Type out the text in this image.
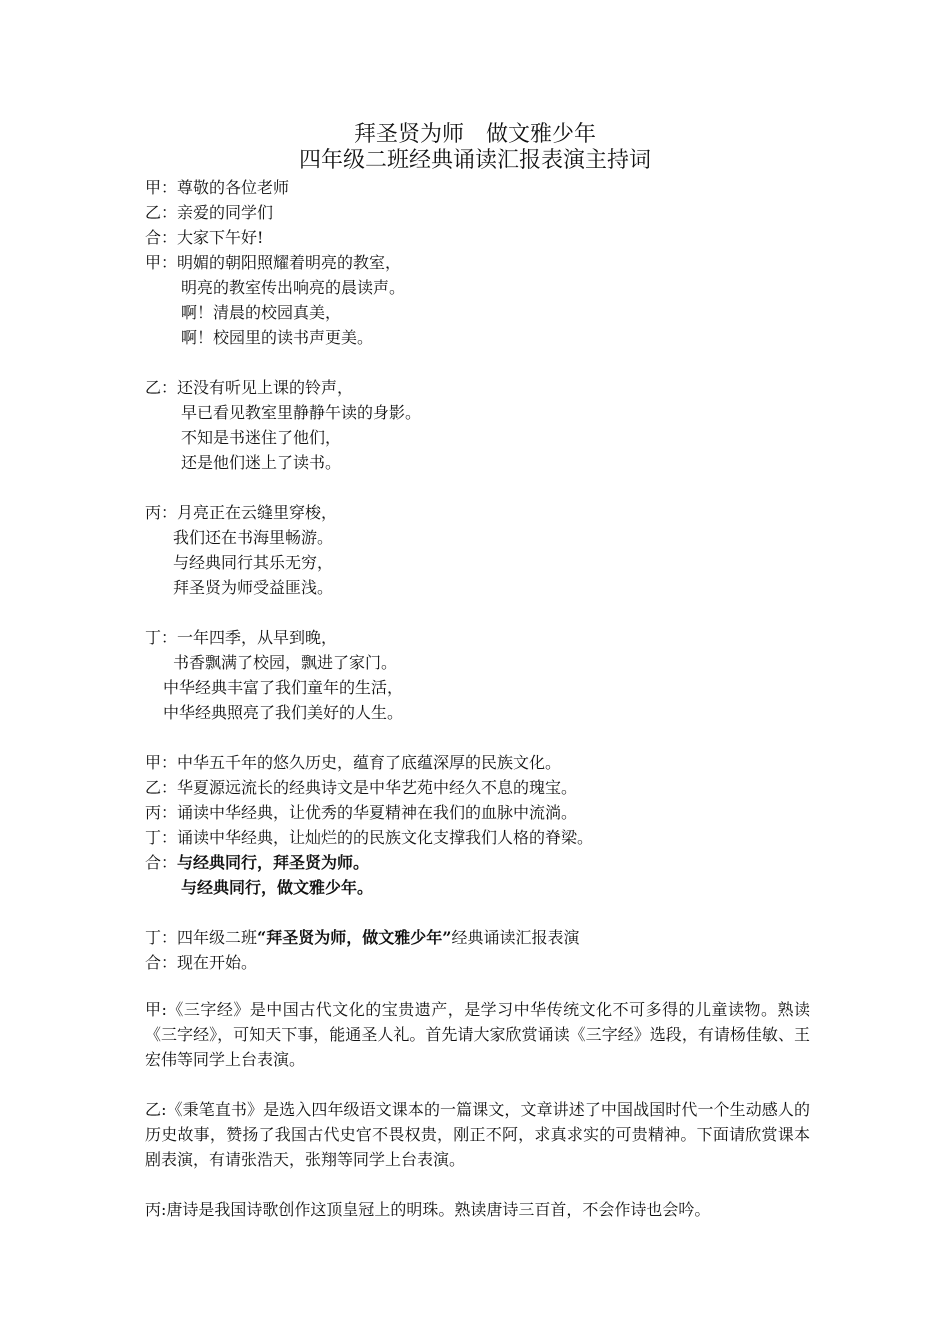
拜圣贤为师　做文雅少年
四年级二班经典诵读汇报表演主持词
甲：尊敬的各位老师
乙：亲爱的同学们
合：大家下午好!
甲：明媚的朝阳照耀着明亮的教室，
明亮的教室传出响亮的晨读声。
啊！清晨的校园真美，
啊！校园里的读书声更美。
乙：还没有听见上课的铃声，
早已看见教室里静静午读的身影。
不知是书迷住了他们，
还是他们迷上了读书。
丙：月亮正在云缝里穿梭，
我们还在书海里畅游。
与经典同行其乐无穷，
拜圣贤为师受益匪浅。
丁：一年四季，从早到晚，
书香飘满了校园，飘进了家门。
中华经典丰富了我们童年的生活，
中华经典照亮了我们美好的人生。
甲：中华五千年的悠久历史，蕴育了底蕴深厚的民族文化。
乙：华夏源远流长的经典诗文是中华艺苑中经久不息的瑰宝。
丙：诵读中华经典，让优秀的华夏精神在我们的血脉中流淌。
丁：诵读中华经典，让灿烂的的民族文化支撑我们人格的脊梁。
合：与经典同行，拜圣贤为师。
与经典同行，做文雅少年。
丁：四年级二班“拜圣贤为师，做文雅少年”经典诵读汇报表演
合：现在开始。
甲:《三字经》是中国古代文化的宝贵遗产，是学习中华传统文化不可多得的儿童读物。熟读《三字经》，可知天下事，能通圣人礼。首先请大家欣赏诵读《三字经》选段，有请杨佳敏、王宏伟等同学上台表演。
乙:《秉笔直书》是选入四年级语文课本的一篇课文，文章讲述了中国战国时代一个生动感人的历史故事，赞扬了我国古代史官不畏权贵，刚正不阿，求真求实的可贵精神。下面请欣赏课本剧表演，有请张浩天，张翔等同学上台表演。
丙:唐诗是我国诗歌创作这顶皇冠上的明珠。熟读唐诗三百首，不会作诗也会吟。
